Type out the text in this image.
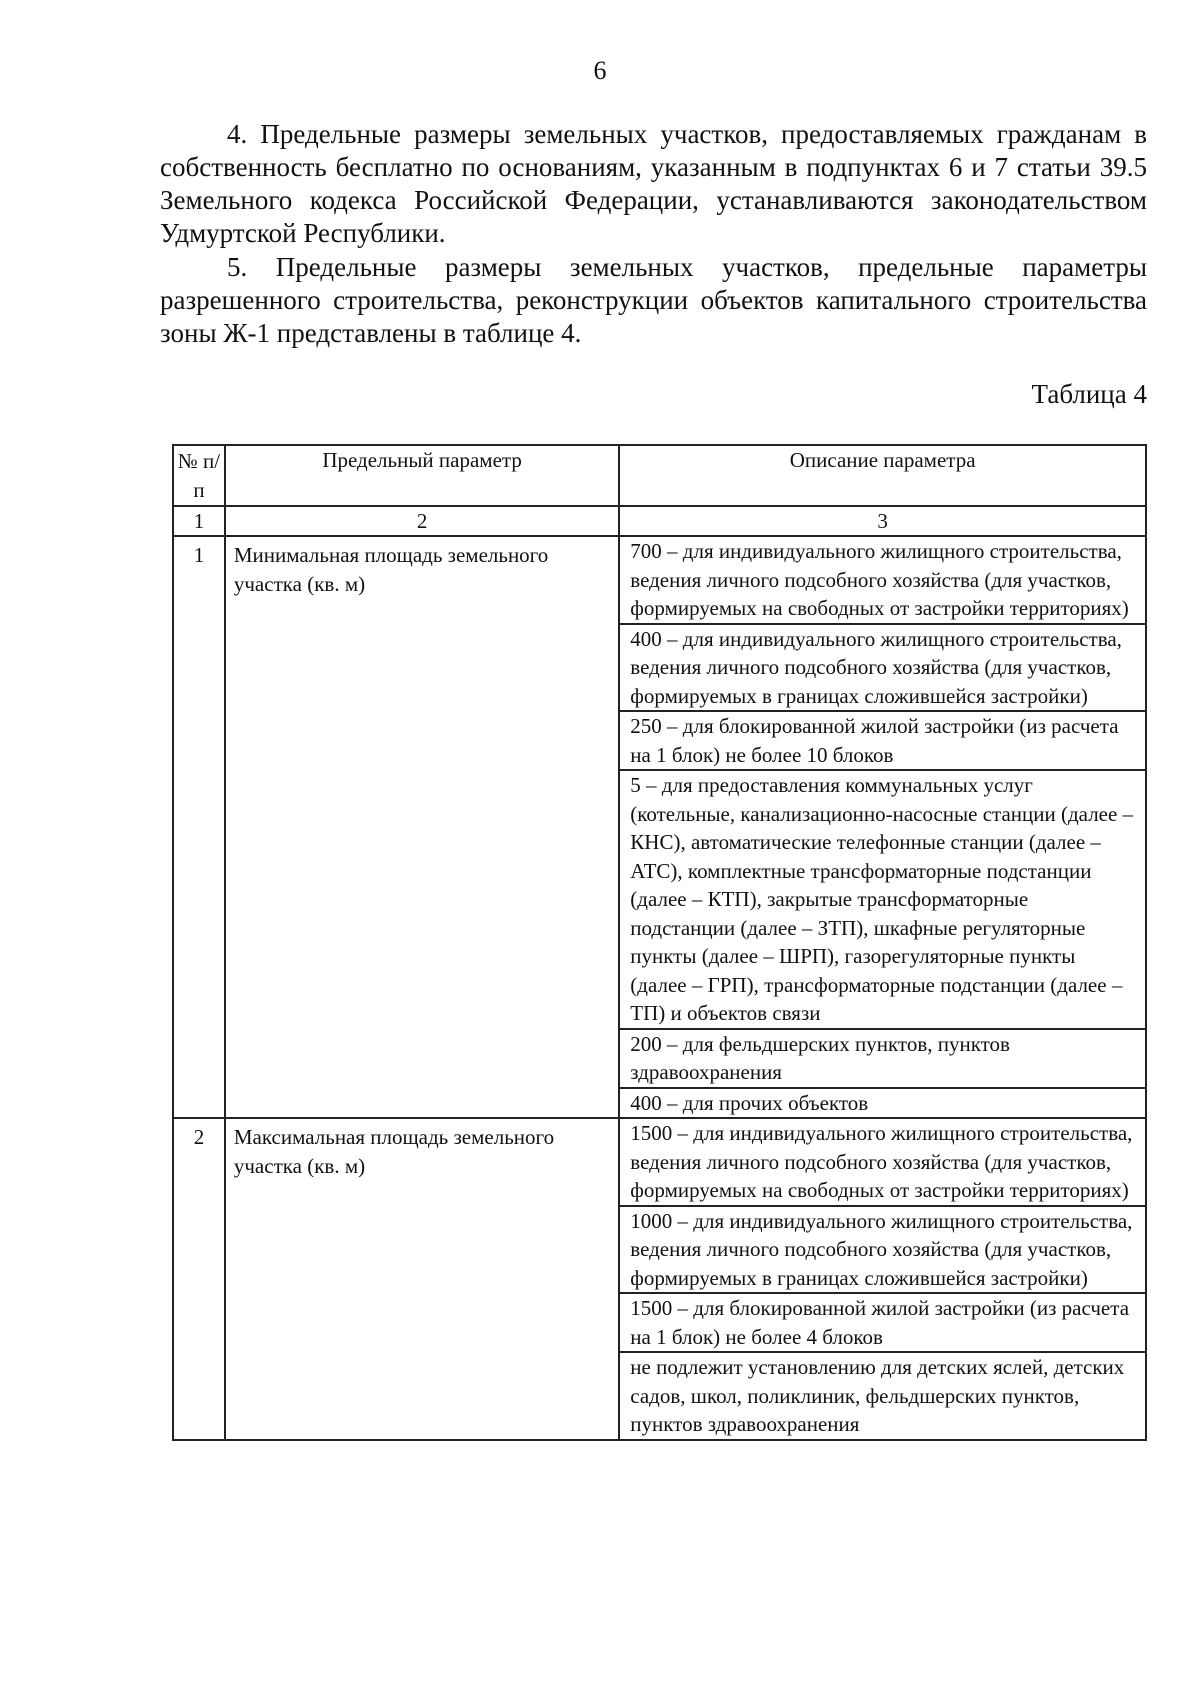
6
4. Предельные размеры земельных участков, предоставляемых гражданам в собственность бесплатно по основаниям, указанным в подпунктах 6 и 7 статьи 39.5 Земельного кодекса Российской Федерации, устанавливаются законодательством Удмуртской Республики.
5. Предельные размеры земельных участков, предельные параметры разрешенного строительства, реконструкции объектов капитального строительства зоны Ж-1 представлены в таблице 4.
Таблица 4
№ п/п	Предельный параметр	Описание параметра
1	2	3
1	Минимальная площадь земельного участка (кв. м)	700 – для индивидуального жилищного строительства, ведения личного подсобного хозяйства (для участков, формируемых на свободных от застройки территориях)
		400 – для индивидуального жилищного строительства, ведения личного подсобного хозяйства (для участков, формируемых в границах сложившейся застройки)
		250 – для блокированной жилой застройки (из расчета на 1 блок) не более 10 блоков
		5 – для предоставления коммунальных услуг (котельные, канализационно-насосные станции (далее – КНС), автоматические телефонные станции (далее – АТС), комплектные трансформаторные подстанции (далее – КТП), закрытые трансформаторные подстанции (далее – ЗТП), шкафные регуляторные пункты (далее – ШРП), газорегуляторные пункты (далее – ГРП), трансформаторные подстанции (далее – ТП) и объектов связи
		200 – для фельдшерских пунктов, пунктов здравоохранения
		400 – для прочих объектов
2	Максимальная площадь земельного участка (кв. м)	1500 – для индивидуального жилищного строительства, ведения личного подсобного хозяйства (для участков, формируемых на свободных от застройки территориях)
		1000 – для индивидуального жилищного строительства, ведения личного подсобного хозяйства (для участков, формируемых в границах сложившейся застройки)
		1500 – для блокированной жилой застройки (из расчета на 1 блок) не более 4 блоков
		не подлежит установлению для детских яслей, детских садов, школ, поликлиник, фельдшерских пунктов, пунктов здравоохранения
